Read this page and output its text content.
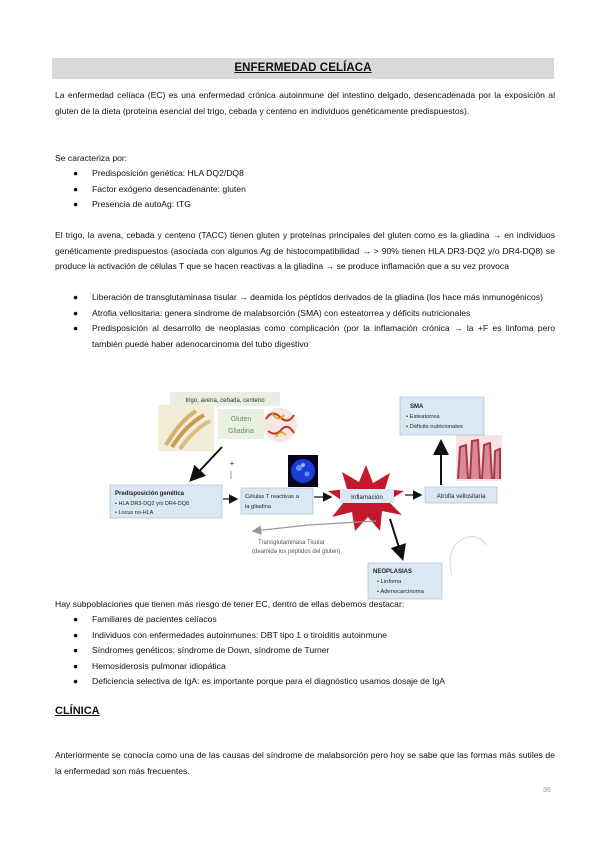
ENFERMEDAD CELÍACA
La enfermedad celíaca (EC) es una enfermedad crónica autoinmune del intestino delgado, desencadenada por la exposición al gluten de la dieta (proteína esencial del trigo, cebada y centeno en individuos genéticamente predispuestos).
Se caracteriza por:
● Predisposición genética: HLA DQ2/DQ8
● Factor exógeno desencadenante: gluten
● Presencia de autoAg: tTG
El trigo, la avena, cebada y centeno (TACC) tienen gluten y proteínas principales del gluten como es la gliadina → en individuos genéticamente predispuestos (asociada con algunos Ag de histocompatibilidad → > 90% tienen HLA DR3-DQ2 y/o DR4-DQ8) se produce la activación de células T que se hacen reactivas a la gliadina → se produce inflamación que a su vez provoca
● Liberación de transglutaminasa tisular → deamida los péptidos derivados de la gliadina (los hace más inmunogénicos)
● Atrofia vellositaria: genera síndrome de malabsorción (SMA) con esteatorrea y déficits nutricionales
● Predisposición al desarrollo de neoplasias como complicación (por la inflamación crónica → la +F es linfoma pero también puede haber adenocarcinoma del tubo digestivo
trigo, avena, cebada, centeno
Gluten
Gliadina
+
Predisposición genética
• HLA DR3-DQ2 y/o DR4-DQ8
• Locus no-HLA
Células T reactivas a
la gliadina
Inflamación	Atrofia vellositaria
SMA
• Esteatorrea
• Déficits nutricionales
Transglutaminasa Tisular
(deamida los péptidos del gluten)
NEOPLASIAS
• Linfoma
• Adenocarcinoma
Hay subpoblaciones que tienen más riesgo de tener EC, dentro de ellas debemos destacar:
● Familiares de pacientes celíacos
● Individuos con enfermedades autoinmunes: DBT tipo 1 o tiroiditis autoinmune
● Síndromes genéticos: síndrome de Down, síndrome de Turner
● Hemosiderosis pulmonar idiopática
● Deficiencia selectiva de IgA: es importante porque para el diagnóstico usamos dosaje de IgA
CLÍNICA
Anteriormente se conocía como una de las causas del síndrome de malabsorción pero hoy se sabe que las formas más sutiles de la enfermedad son más frecuentes.
36
